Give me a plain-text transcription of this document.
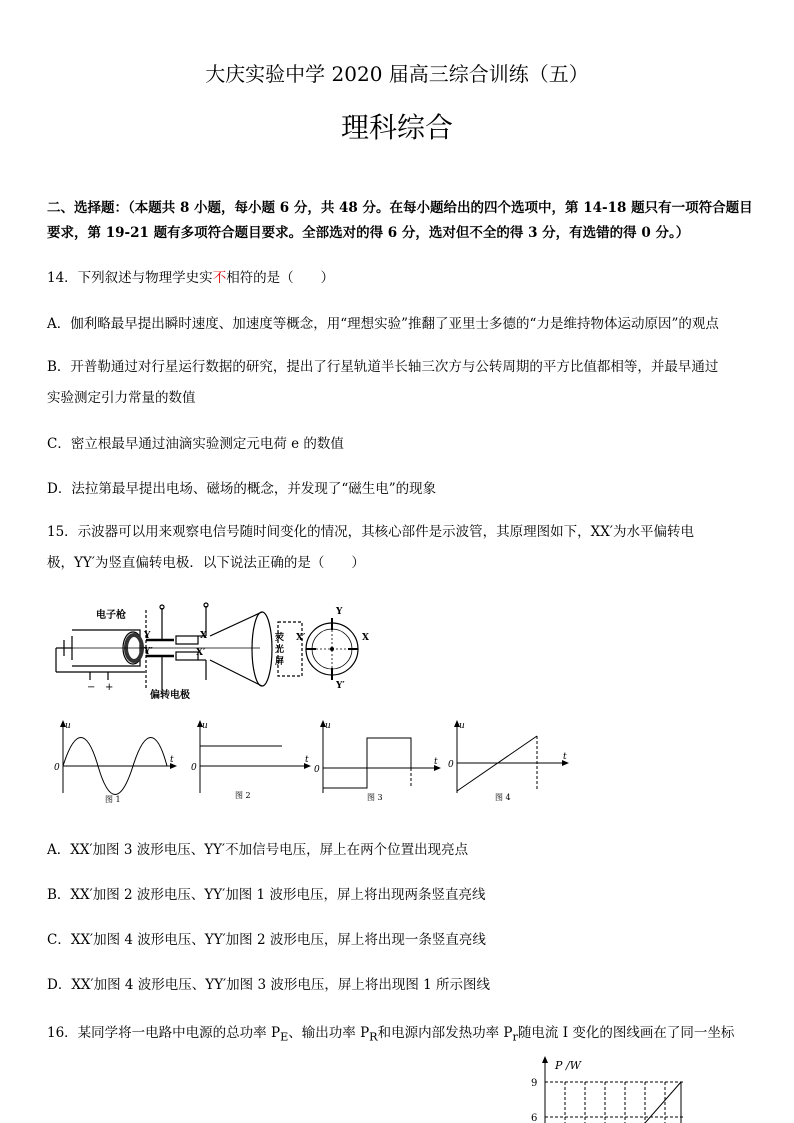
大庆实验中学 2020 届高三综合训练（五）
理科综合
二、选择题：（本题共 8 小题，每小题 6 分，共 48 分。在每小题给出的四个选项中，第 14-18 题只有一项符合题目要求，第 19-21 题有多项符合题目要求。全部选对的得 6 分，选对但不全的得 3 分，有选错的得 0 分。）
14．下列叙述与物理学史实不相符的是（　　）
A．伽利略最早提出瞬时速度、加速度等概念，用“理想实验”推翻了亚里士多德的“力是维持物体运动原因”的观点
B．开普勒通过对行星运行数据的研究，提出了行星轨道半长轴三次方与公转周期的平方比值都相等，并最早通过
实验测定引力常量的数值
C．密立根最早通过油滴实验测定元电荷 e 的数值
D．法拉第最早提出电场、磁场的概念，并发现了“磁生电”的现象
15．示波器可以用来观察电信号随时间变化的情况，其核心部件是示波管，其原理图如下，XX′为水平偏转电
极，YY′为竖直偏转电极．以下说法正确的是（　　）
电子枪
偏转电极
− +
Y
Y′
X
X′
荧
光
屏
Y
Y′
X
X′
u
t
0
u
t
0
u
t
0
u
t
0
图 1	图 2	图 3	图 4
A．XX′加图 3 波形电压、YY′不加信号电压，屏上在两个位置出现亮点
B．XX′加图 2 波形电压、YY′加图 1 波形电压，屏上将出现两条竖直亮线
C．XX′加图 4 波形电压、YY′加图 2 波形电压，屏上将出现一条竖直亮线
D．XX′加图 4 波形电压、YY′加图 3 波形电压，屏上将出现图 1 所示图线
16．某同学将一电路中电源的总功率 $P_E$、输出功率 $P_R$和电源内部发热功率 $P_r$随电流 I 变化的图线画在了同一坐标
P /W
9
6
